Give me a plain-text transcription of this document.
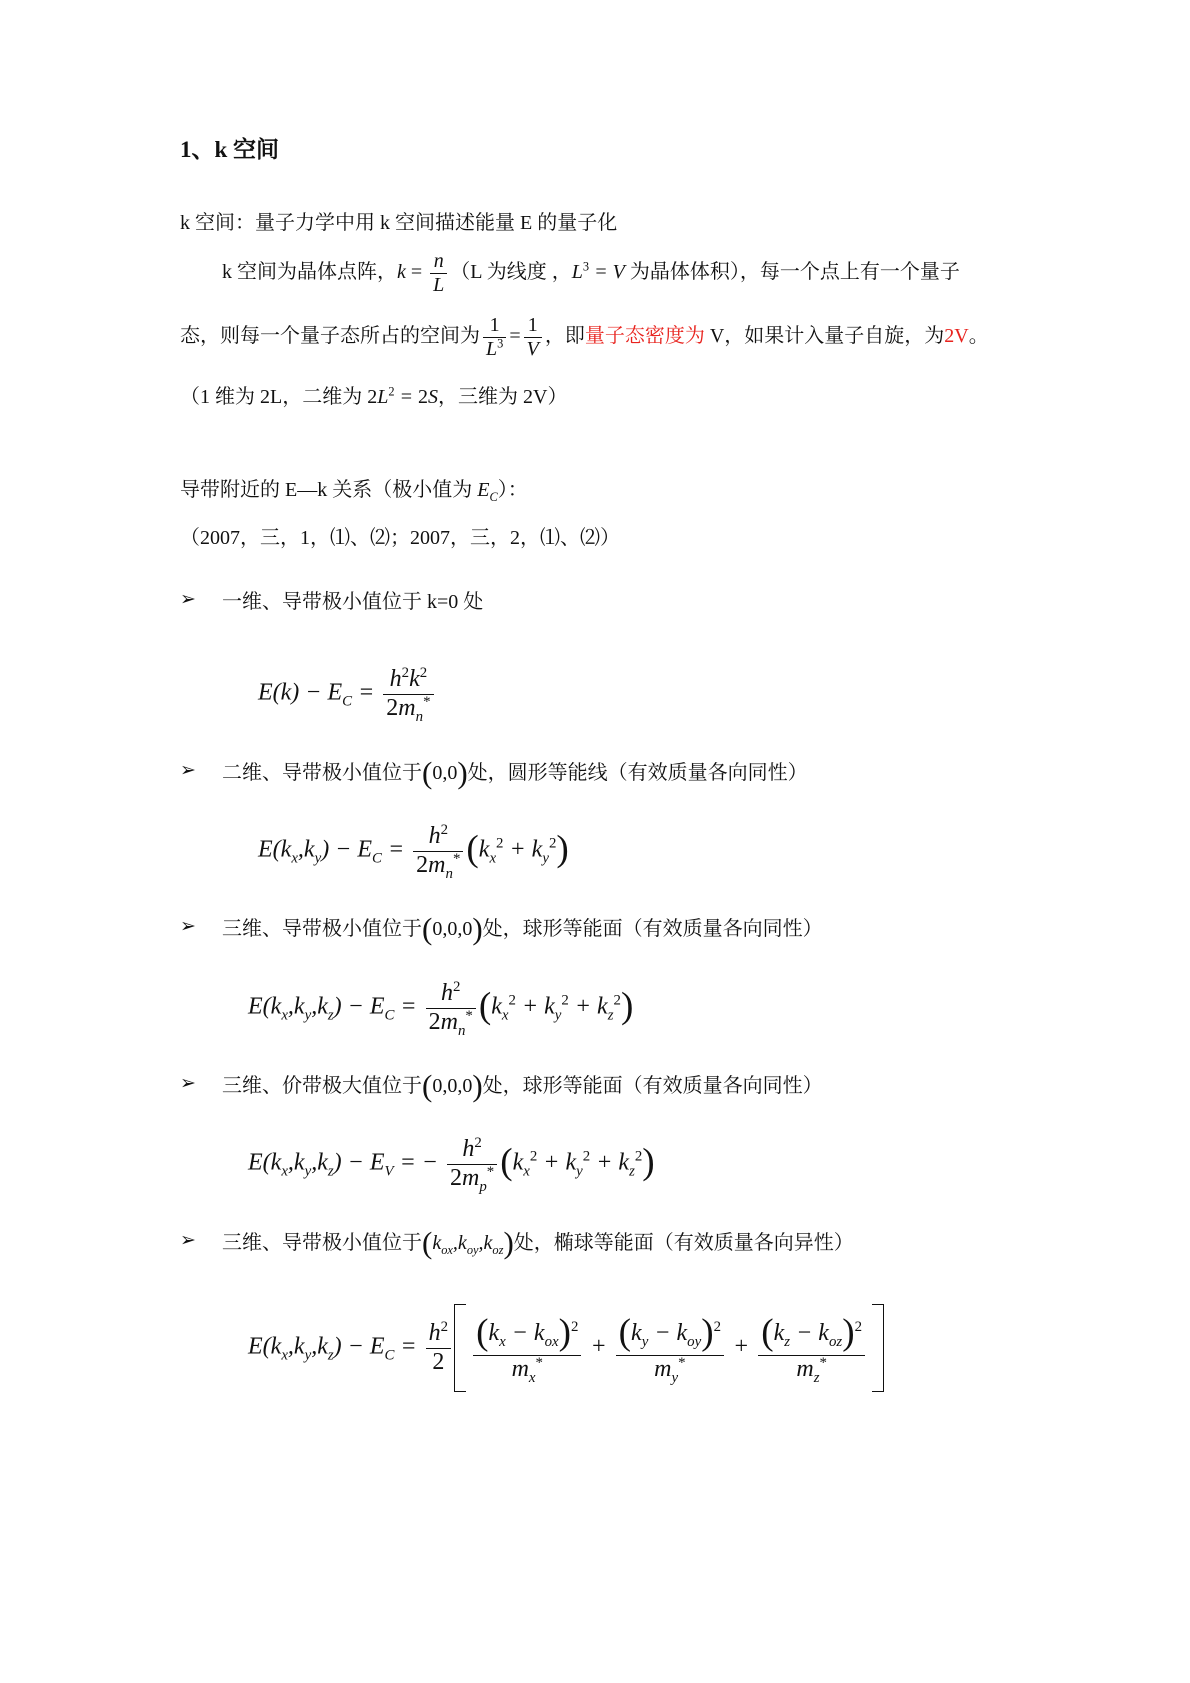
1、k 空间
k 空间：量子力学中用 k 空间描述能量 E 的量子化
k 空间为晶体点阵，$k = \frac{n}{L} (L$ 为线度 ，$L^3 = V$ 为晶体体积），每一个点上有一个量子
态，则每一个量子态所占的空间为 $\frac{1}{L^3} = \frac{1}{V}$ ，即量子态密度为 V，如果计入量子自旋，为2V。
（1 维为 2L，二维为 $2L^2 = 2S$，三维为 2V）
导带附近的 E—k 关系（极小值为 $E_C$）：
（2007，三，1，⑴、⑵；2007，三，2，⑴、⑵）
➢ 一维、导带极小值位于 k=0 处
$E(k) - E_C = \frac{h^2k^2}{2m_n^*}$
➢ 二维、导带极小值位于(0,0)处，圆形等能线（有效质量各向同性）
$E(k_x,k_y) - E_C = \frac{h^2}{2m_n^*} (k_x^2 + k_y^2)$
➢ 三维、导带极小值位于(0,0,0)处，球形等能面（有效质量各向同性）
$E(k_x,k_y,k_z) - E_C = \frac{h^2}{2m_n^*} (k_x^2 + k_y^2 + k_z^2)$
➢ 三维、价带极大值位于(0,0,0)处，球形等能面（有效质量各向同性）
$E(k_x,k_y,k_z) - E_V$ = − $\frac{h^2}{2m_p^*} (k_x^2 + k_y^2 + k_z^2)$
➢ 三维、导带极小值位于$(k_{ox},k_{oy},k_{oz})$处，椭球等能面（有效质量各向异性）
$E(k_x,k_y,k_z) - E_C = \frac{h^2}{2} \frac{(k_x - k_{ox})^2}{m_x^*} + \frac{(k_y - k_{oy})^2}{m_y^*} + \frac{(k_z - k_{oz})^2}{m_z^*}$
